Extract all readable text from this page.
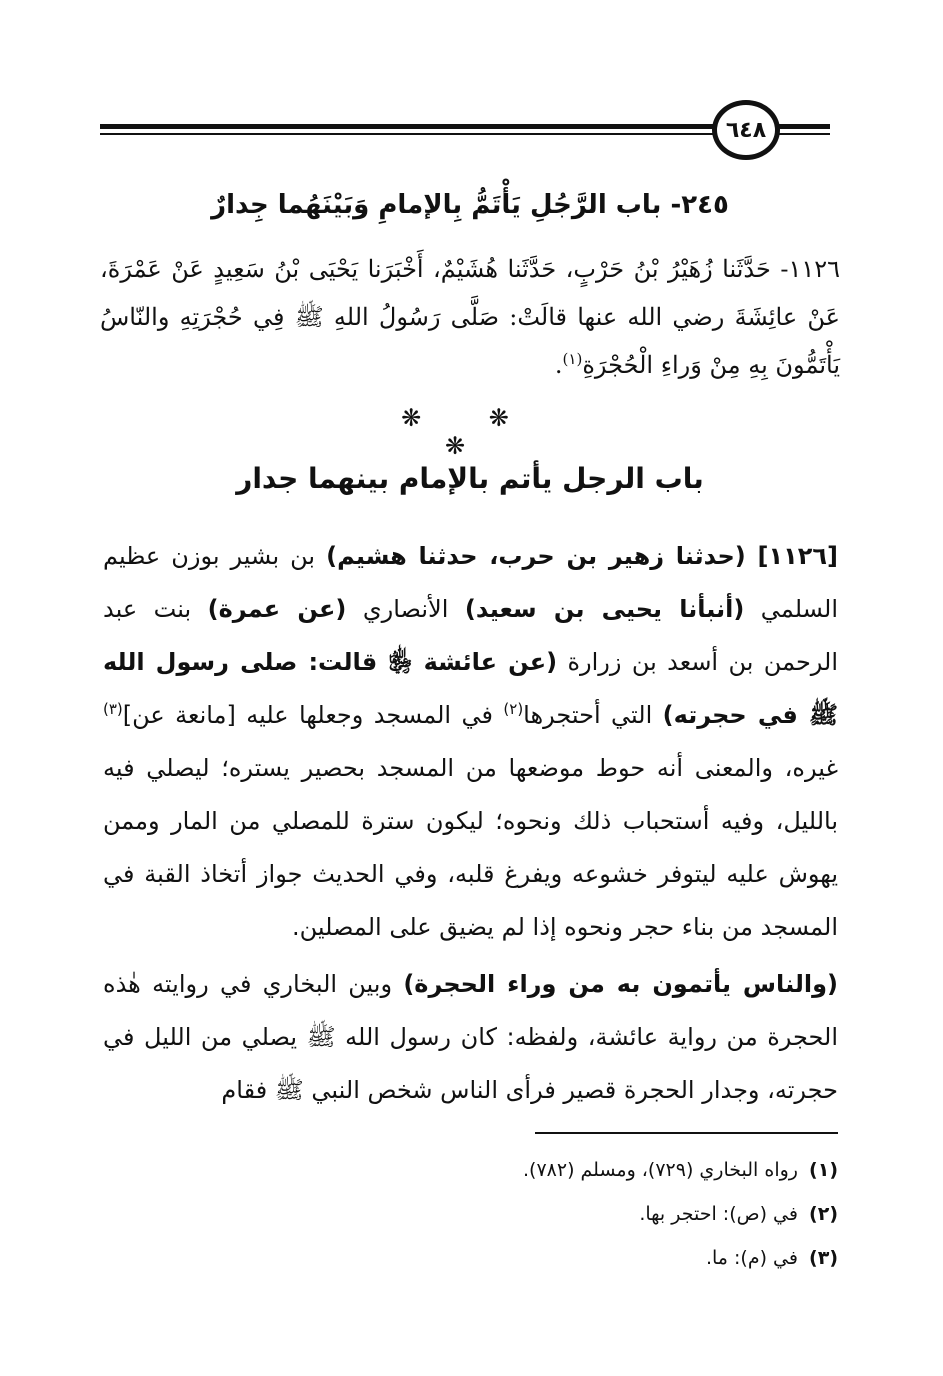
٦٤٨
٢٤٥- باب الرَّجُلِ يَأْتَمُّ بِالإمامِ وَبَيْنَهُما جِدارٌ
١١٢٦- حَدَّثَنا زُهَيْرُ بْنُ حَرْبٍ، حَدَّثَنا هُشَيْمٌ، أَخْبَرَنا يَحْيَى بْنُ سَعِيدٍ عَنْ عَمْرَةَ، عَنْ عائِشَةَ رضي الله عنها قالَتْ: صَلَّى رَسُولُ اللهِ ﷺ فِي حُجْرَتِهِ والنّاسُ يَأْتَمُّونَ بِهِ مِنْ وَراءِ الْحُجْرَةِ$^{(١)}$.
❋ ❋ ❋
باب الرجل يأتم بالإمام بينهما جدار

[١١٢٦] (حدثنا زهير بن حرب، حدثنا هشيم) بن بشير بوزن عظيم السلمي (أنبأنا يحيى بن سعيد) الأنصاري (عن عمرة) بنت عبد الرحمن بن أسعد بن زرارة (عن عائشة ﵂ قالت: صلى رسول الله ﷺ في حجرته) التي أحتجرها$^{(٢)}$ في المسجد وجعلها عليه [مانعة عن]$^{(٣)}$ غيره، والمعنى أنه حوط موضعها من المسجد بحصير يستره؛ ليصلي فيه بالليل، وفيه أستحباب ذلك ونحوه؛ ليكون سترة للمصلي من المار وممن يهوش عليه ليتوفر خشوعه ويفرغ قلبه، وفي الحديث جواز أتخاذ القبة في المسجد من بناء حجر ونحوه إذا لم يضيق على المصلين.

(والناس يأتمون به من وراء الحجرة) وبين البخاري في روايته هٰذه الحجرة من رواية عائشة، ولفظه: كان رسول الله ﷺ يصلي من الليل في حجرته، وجدار الحجرة قصير فرأى الناس شخص النبي ﷺ فقام

(١) رواه البخاري (٧٢٩)، ومسلم (٧٨٢).
(٢) في (ص): احتجر بها.
(٣) في (م): ما.
